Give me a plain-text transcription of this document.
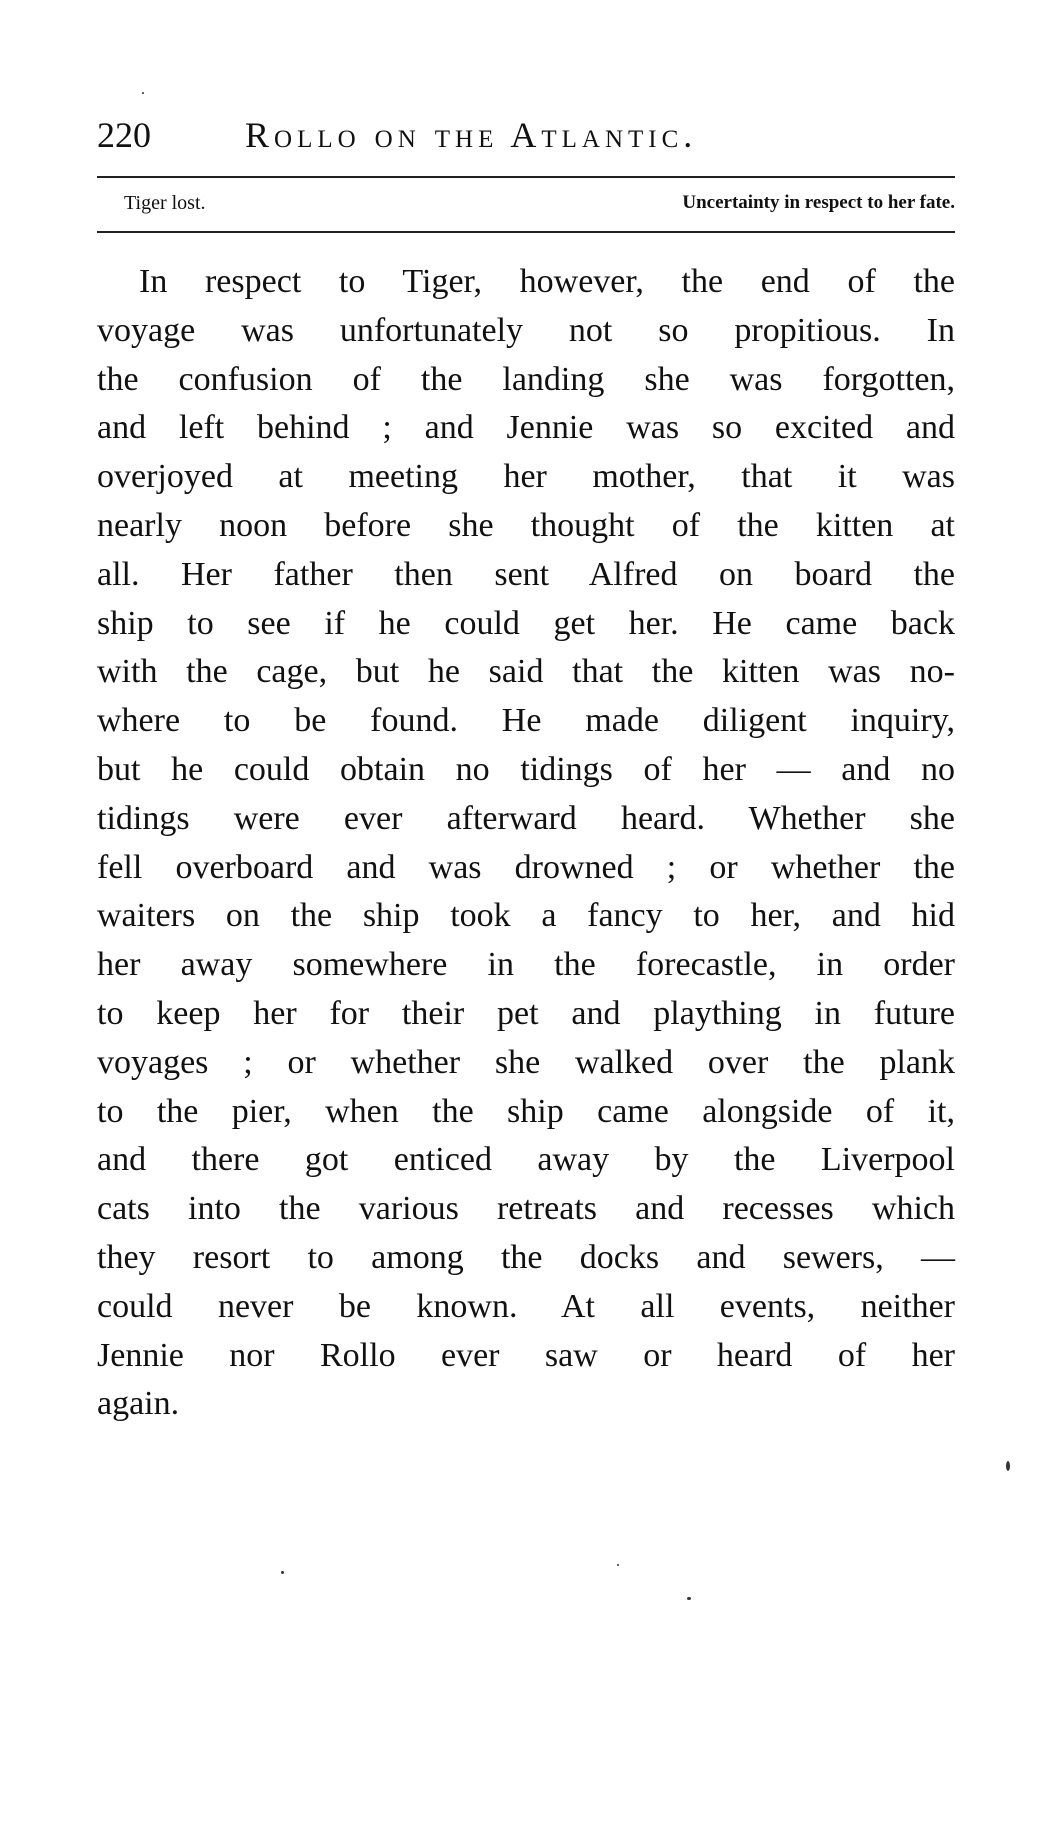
220	Rollo on the Atlantic.
Tiger lost.	Uncertainty in respect to her fate.
In respect to Tiger, however, the end of the
voyage was unfortunately not so propitious. In
the confusion of the landing she was forgotten,
and left behind ; and Jennie was so excited and
overjoyed at meeting her mother, that it was
nearly noon before she thought of the kitten at
all. Her father then sent Alfred on board the
ship to see if he could get her. He came back
with the cage, but he said that the kitten was no-
where to be found. He made diligent inquiry,
but he could obtain no tidings of her — and no
tidings were ever afterward heard. Whether she
fell overboard and was drowned ; or whether the
waiters on the ship took a fancy to her, and hid
her away somewhere in the forecastle, in order
to keep her for their pet and plaything in future
voyages ; or whether she walked over the plank
to the pier, when the ship came alongside of it,
and there got enticed away by the Liverpool
cats into the various retreats and recesses which
they resort to among the docks and sewers, —
could never be known. At all events, neither
Jennie nor Rollo ever saw or heard of her
again.
